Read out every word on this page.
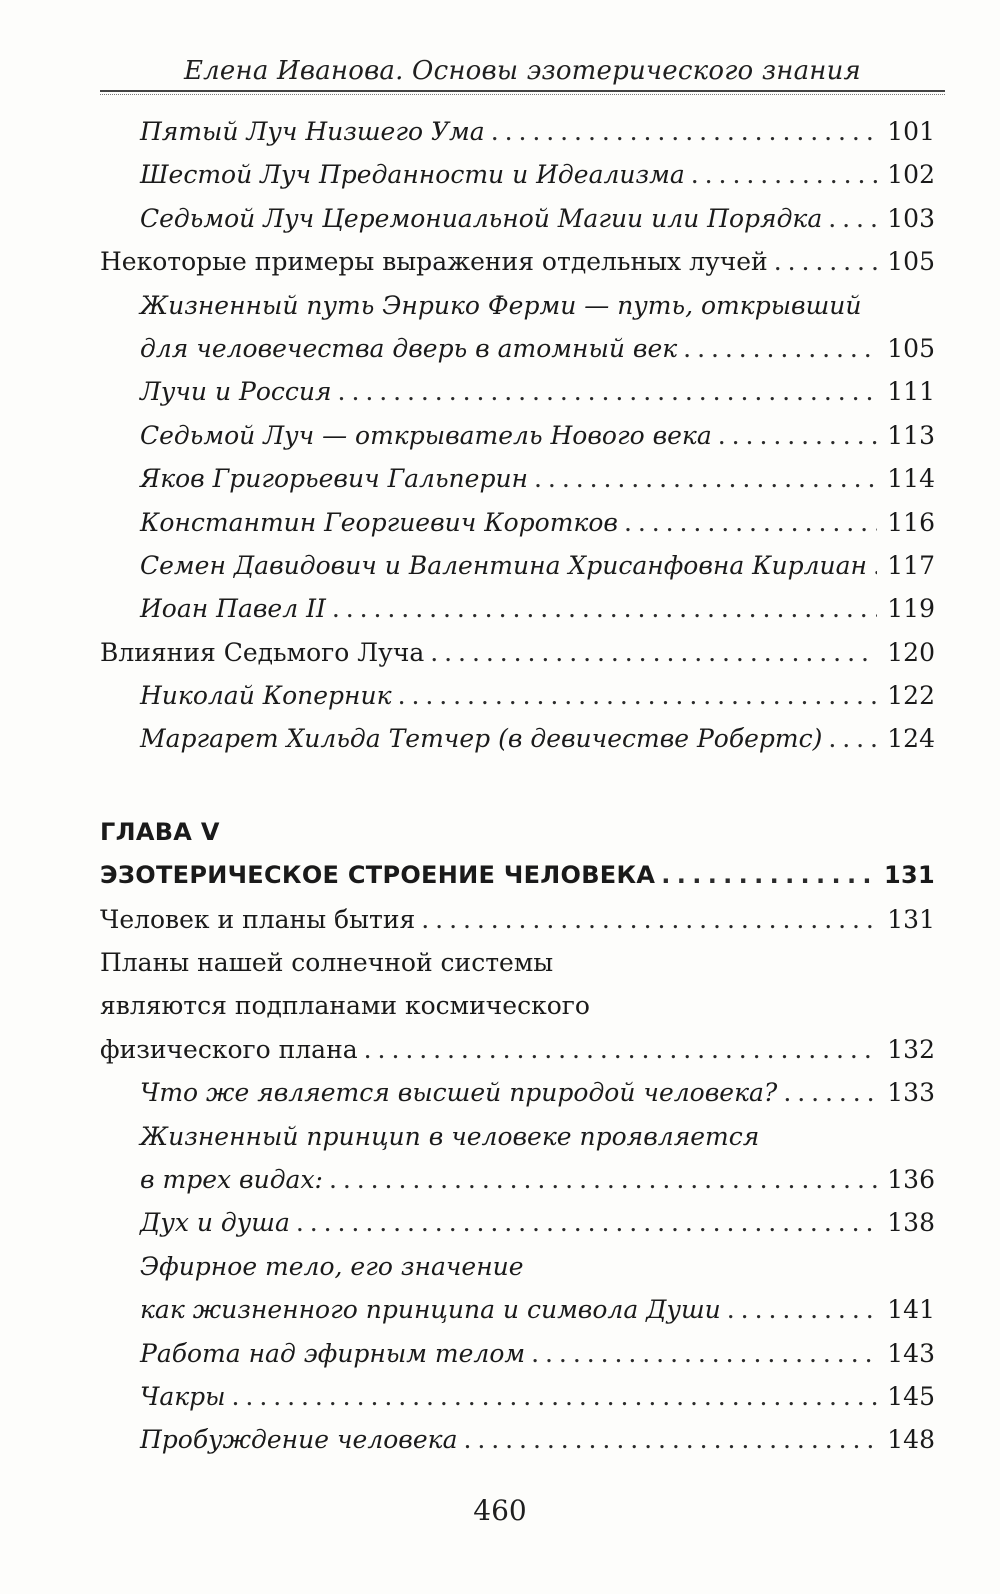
Елена Иванова. Основы эзотерического знания
Пятый Луч Низшего Ума . . .	101
Шестой Луч Преданности и Идеализма . . .	102
Седьмой Луч Церемониальной Магии или Порядка . . .	103
Некоторые примеры выражения отдельных лучей . . .	105
Жизненный путь Энрико Ферми — путь, открывший
для человечества дверь в атомный век . . .	105
Лучи и Россия . . .	111
Седьмой Луч — открыватель Нового века . . .	113
Яков Григорьевич Гальперин . . .	114
Константин Георгиевич Коротков . . .	116
Семен Давидович и Валентина Хрисанфовна Кирлиан . . . 117
Иоан Павел II . . .	119
Влияния Седьмого Луча . . .	120
Николай Коперник . . .	122
Маргарет Хильда Тетчер (в девичестве Робертс) . . .	124
ГЛАВА V
ЭЗОТЕРИЧЕСКОЕ СТРОЕНИЕ ЧЕЛОВЕКА . . .	131
Человек и планы бытия . . .	131
Планы нашей солнечной системы
являются подпланами космического
физического плана . . .	132
Что же является высшей природой человека? . . .	133
Жизненный принцип в человеке проявляется
в трех видах: . . .	136
Дух и душа . . .	138
Эфирное тело, его значение
как жизненного принципа и символа Души . . .	141
Работа над эфирным телом . . .	143
Чакры . . .	145
Пробуждение человека . . .	148
460
